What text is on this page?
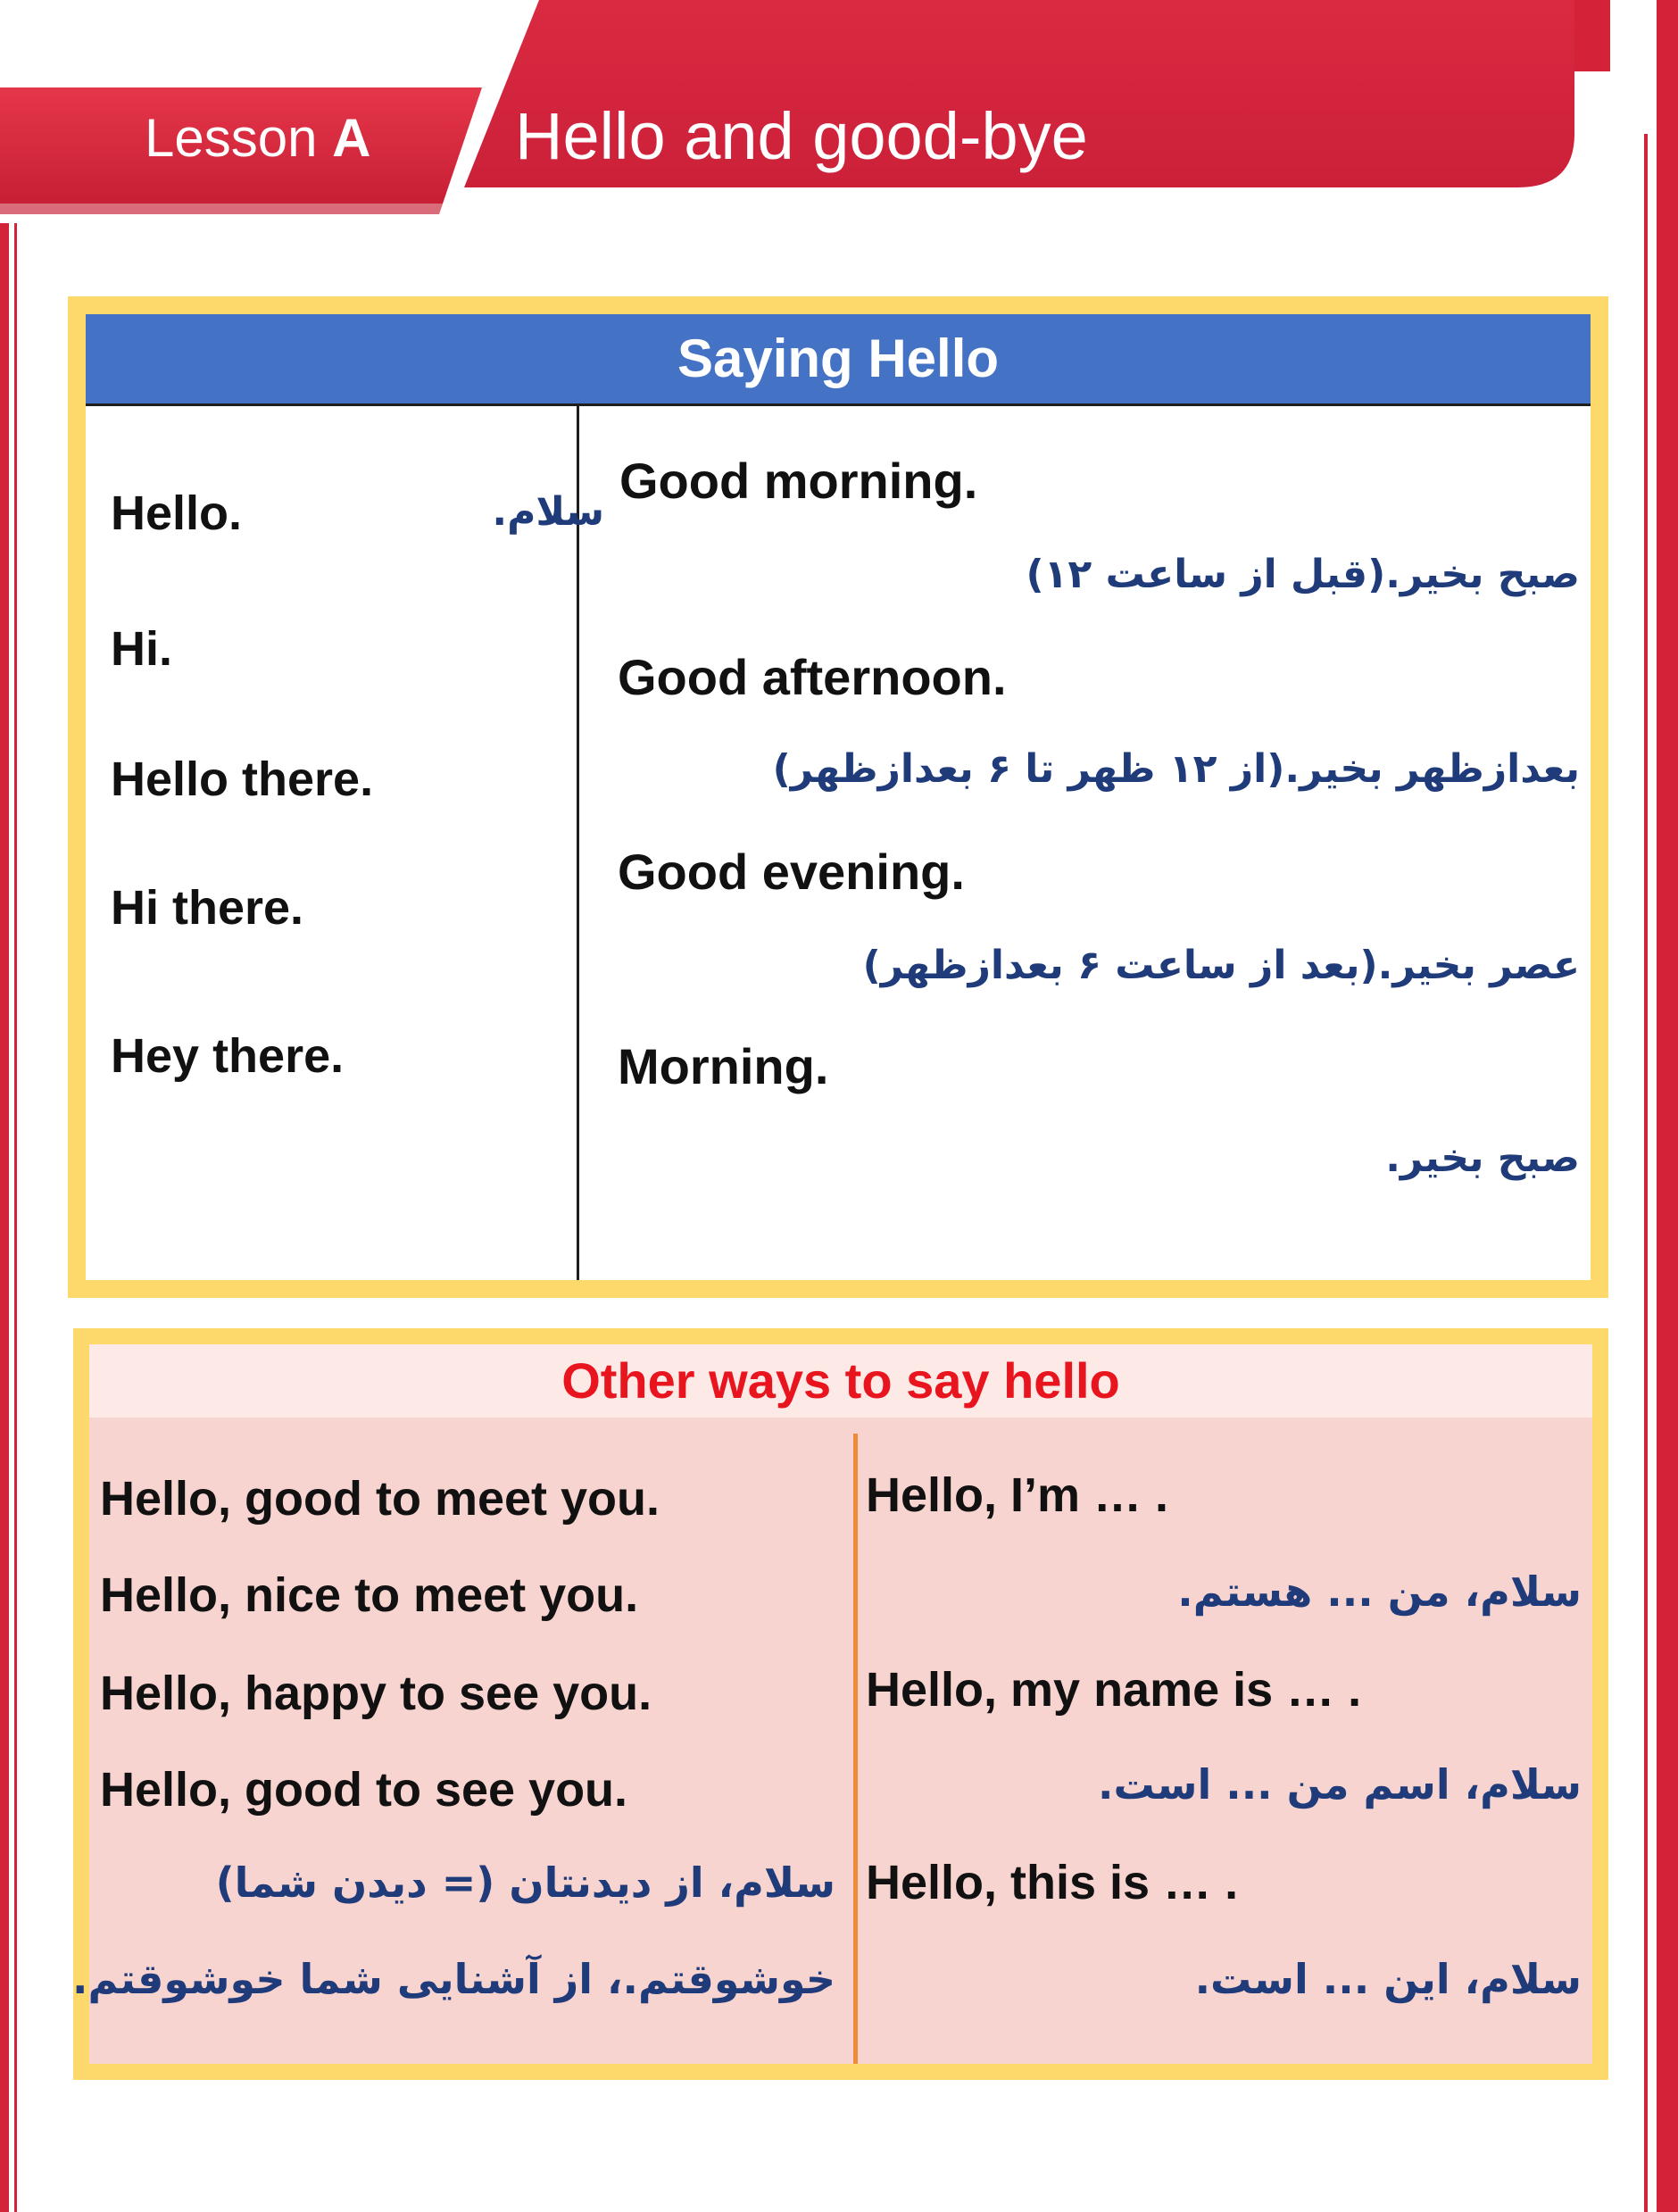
Lesson A Hello and good-bye
Saying Hello
Hello.	سلام.
Hi.
Hello there.
Hi there.
Hey there.
Good morning.
صبح بخیر.(قبل از ساعت ۱۲)
Good afternoon.
بعدازظهر بخیر.(از ۱۲ ظهر تا ۶ بعدازظهر)
Good evening.
عصر بخیر.(بعد از ساعت ۶ بعدازظهر)
Morning.
صبح بخیر.
Other ways to say hello
Hello, good to meet you.
Hello, nice to meet you.
Hello, happy to see you.
Hello, good to see you.
سلام، از دیدنتان (= دیدن شما)
خوشوقتم.، از آشنایی شما خوشوقتم.
Hello, I’m … .
سلام، من ... هستم.
Hello, my name is … .
سلام، اسم من ... است.
Hello, this is … .
سلام، این ... است.
